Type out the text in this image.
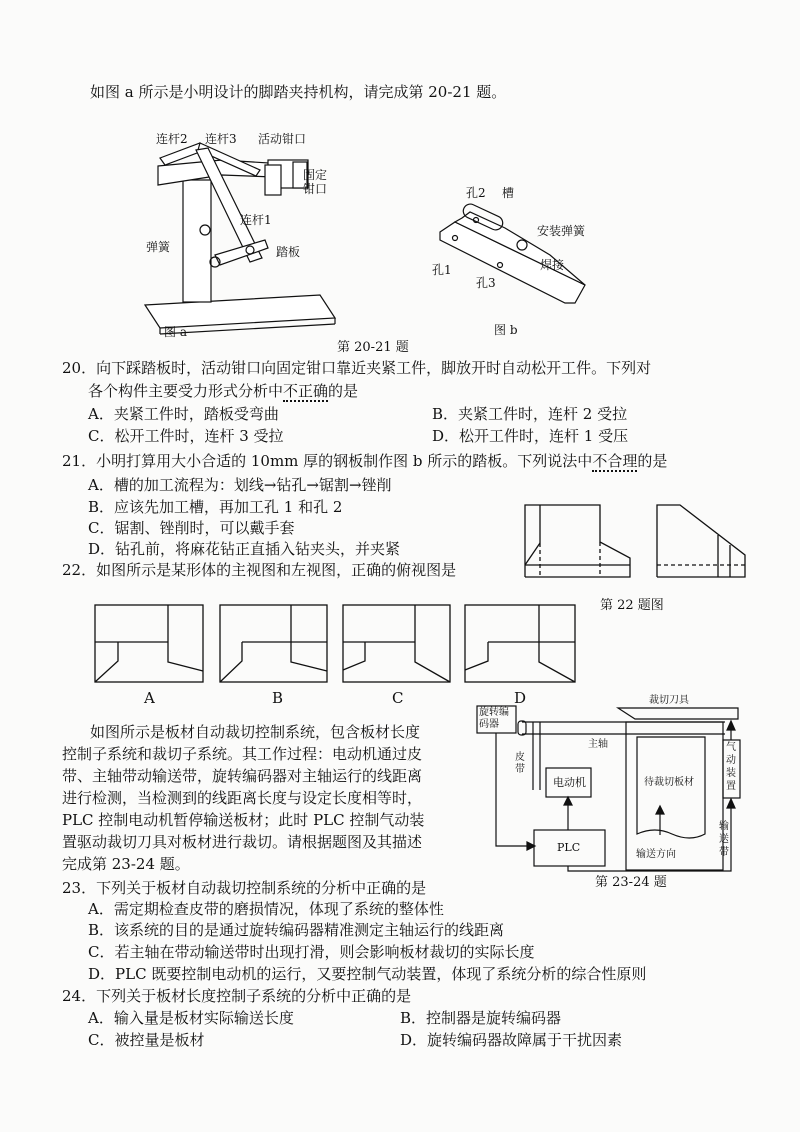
如图 a 所示是小明设计的脚踏夹持机构，请完成第 20-21 题。
连杆2 连杆3 活动钳口
固定
钳口
连杆1
弹簧	踏板
图 a
孔2 槽
安装弹簧
焊接
孔1
孔3
图 b
第 20-21 题
20．向下踩踏板时，活动钳口向固定钳口靠近夹紧工件，脚放开时自动松开工件。下列对
各个构件主要受力形式分析中不正确的是
A．夹紧工件时，踏板受弯曲	B．夹紧工件时，连杆 2 受拉
C．松开工件时，连杆 3 受拉	D．松开工件时，连杆 1 受压
21．小明打算用大小合适的 10mm 厚的钢板制作图 b 所示的踏板。下列说法中不合理的是
A．槽的加工流程为：划线→钻孔→锯割→锉削
B．应该先加工槽，再加工孔 1 和孔 2
C．锯割、锉削时，可以戴手套
D．钻孔前，将麻花钻正直插入钻夹头，并夹紧
22．如图所示是某形体的主视图和左视图，正确的俯视图是
第 22 题图
A	B	C	D
如图所示是板材自动裁切控制系统，包含板材长度
控制子系统和裁切子系统。其工作过程：电动机通过皮
带、主轴带动输送带，旋转编码器对主轴运行的线距离
进行检测，当检测到的线距离长度与设定长度相等时，
PLC 控制电动机暂停输送板材；此时 PLC 控制气动装
置驱动裁切刀具对板材进行裁切。请根据题图及其描述
完成第 23-24 题。
旋转编
码器
裁切刀具
主轴
皮
带
电动机	待裁切板材
气
动
装
置
PLC
输送方向
输
送
带
第 23-24 题
23．下列关于板材自动裁切控制系统的分析中正确的是
A．需定期检查皮带的磨损情况，体现了系统的整体性
B．该系统的目的是通过旋转编码器精准测定主轴运行的线距离
C．若主轴在带动输送带时出现打滑，则会影响板材裁切的实际长度
D．PLC 既要控制电动机的运行，又要控制气动装置，体现了系统分析的综合性原则
24．下列关于板材长度控制子系统的分析中正确的是
A．输入量是板材实际输送长度	B．控制器是旋转编码器
C．被控量是板材	D．旋转编码器故障属于干扰因素
